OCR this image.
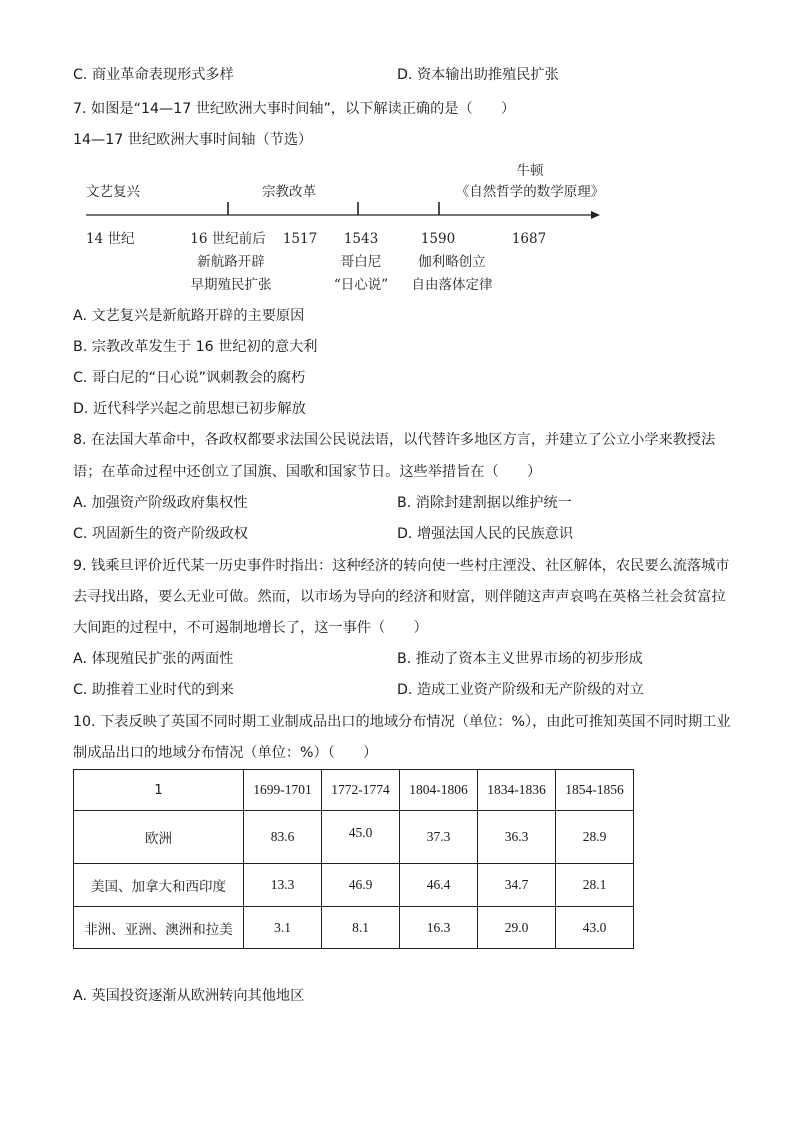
C. 商业革命表现形式多样	D. 资本输出助推殖民扩张
7. 如图是“14—17 世纪欧洲大事时间轴”，以下解读正确的是（　　）
14—17 世纪欧洲大事时间轴（节选）
文艺复兴	宗教改革
牛顿
《自然哲学的数学原理》
14 世纪	16 世纪前后 1517 1543	1590	1687
新航路开辟
早期殖民扩张
哥白尼
“日心说”
伽利略创立
自由落体定律
A. 文艺复兴是新航路开辟的主要原因
B. 宗教改革发生于 16 世纪初的意大利
C. 哥白尼的“日心说”讽刺教会的腐朽
D. 近代科学兴起之前思想已初步解放
8. 在法国大革命中，各政权都要求法国公民说法语，以代替许多地区方言，并建立了公立小学来教授法
语；在革命过程中还创立了国旗、国歌和国家节日。这些举措旨在（　　）
A. 加强资产阶级政府集权性	B. 消除封建割据以维护统一
C. 巩固新生的资产阶级政权	D. 增强法国人民的民族意识
9. 钱乘旦评价近代某一历史事件时指出：这种经济的转向使一些村庄湮没、社区解体，农民要么流落城市
去寻找出路，要么无业可做。然而，以市场为导向的经济和财富，则伴随这声声哀鸣在英格兰社会贫富拉
大间距的过程中，不可遏制地增长了，这一事件（　　）
A. 体现殖民扩张的两面性	B. 推动了资本主义世界市场的初步形成
C. 助推着工业时代的到来	D. 造成工业资产阶级和无产阶级的对立
10. 下表反映了英国不同时期工业制成品出口的地域分布情况（单位：%），由此可推知英国不同时期工业
制成品出口的地域分布情况（单位：%）（　　）
1	1699-1701	1772-1774	1804-1806	1834-1836	1854-1856
欧洲	83.6	45.0	37.3	36.3	28.9
美国、加拿大和西印度	13.3	46.9	46.4	34.7	28.1
非洲、亚洲、澳洲和拉美	3.1	8.1	16.3	29.0	43.0
A. 英国投资逐渐从欧洲转向其他地区
